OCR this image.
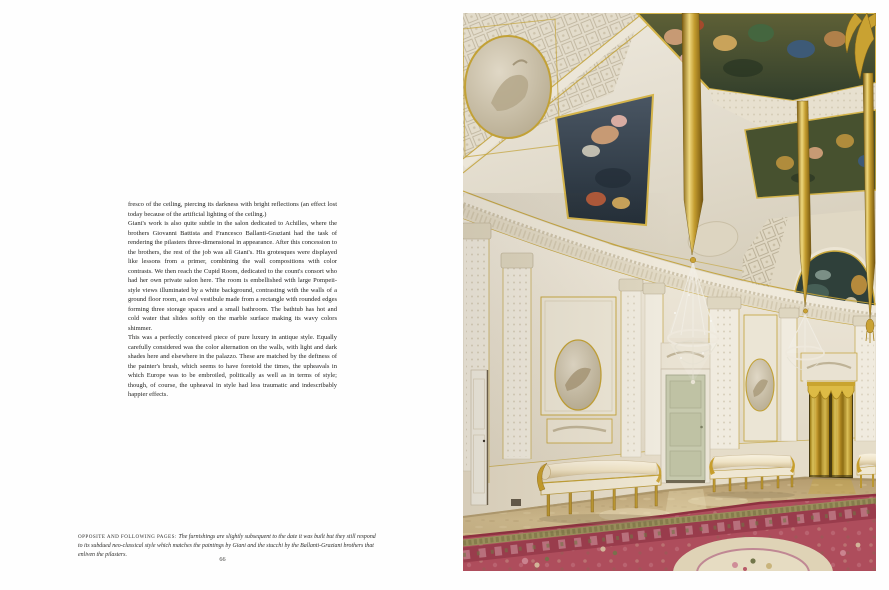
fresco of the ceiling, piercing its darkness with bright reflections (an effect lost today because of the artificial lighting of the ceiling.)

Giani's work is also quite subtle in the salon dedicated to Achilles, where the brothers Giovanni Battista and Francesco Ballanti-Graziani had the task of rendering the pilasters three-dimensional in appearance. After this concession to the brothers, the rest of the job was all Giani's. His grotesques were displayed like lessons from a primer, combining the wall compositions with color contrasts. We then reach the Cupid Room, dedicated to the count's consort who had her own private salon here. The room is embellished with large Pompeii-style views illuminated by a white background, contrasting with the walls of a ground floor room, an oval vestibule made from a rectangle with rounded edges forming three storage spaces and a small bathroom. The bathtub has hot and cold water that slides softly on the marble surface making its wavy colors shimmer.

This was a perfectly conceived piece of pure luxury in antique style. Equally carefully considered was the color alternation on the walls, with light and dark shades here and elsewhere in the palazzo. These are matched by the deftness of the painter's brush, which seems to have foretold the times, the upheavals in which Europe was to be embroiled, politically as well as in terms of style; though, of course, the upheaval in style had less traumatic and indescribably happier effects.

OPPOSITE AND FOLLOWING PAGES: The furnishings are slightly subsequent to the date it was built but they still respond to its subdued neo-classical style which matches the paintings by Giani and the stucchi by the Ballanti-Graziani brothers that enliven the pilasters.
66
